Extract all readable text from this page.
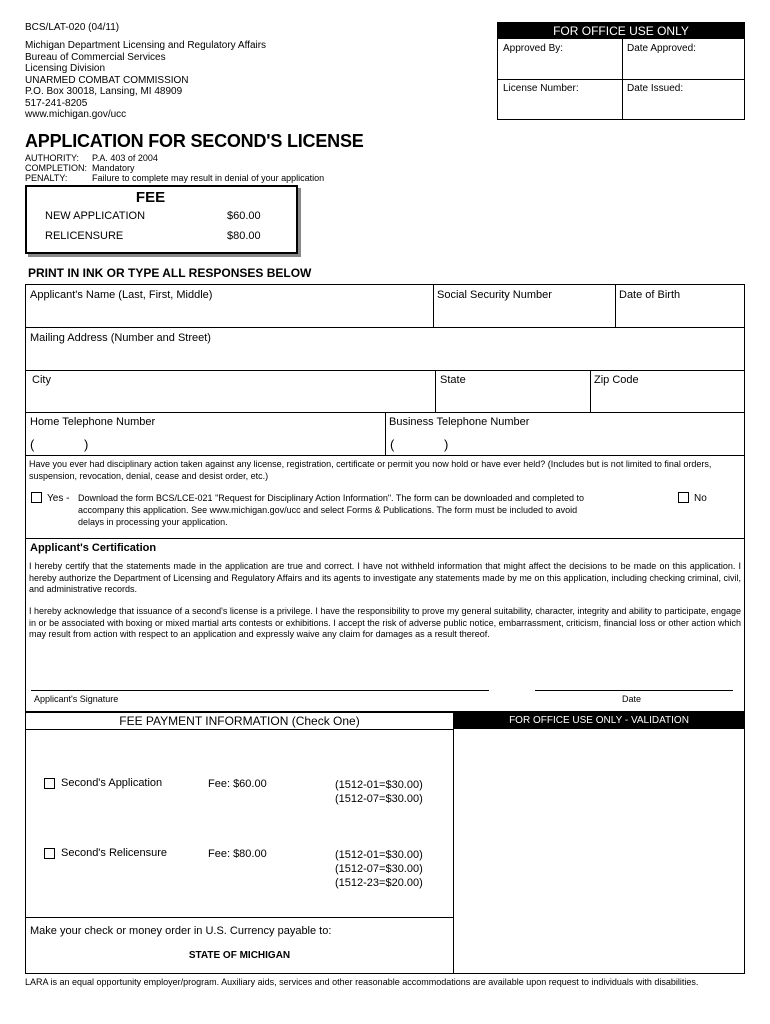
BCS/LAT-020 (04/11)
Michigan Department Licensing and Regulatory Affairs
Bureau of Commercial Services
Licensing Division
UNARMED COMBAT COMMISSION
P.O. Box 30018, Lansing, MI 48909
517-241-8205
www.michigan.gov/ucc
FOR OFFICE USE ONLY
Approved By:	Date Approved:
License Number:	Date Issued:
APPLICATION FOR SECOND'S LICENSE
AUTHORITY:	P.A. 403 of 2004
COMPLETION: Mandatory
PENALTY:	Failure to complete may result in denial of your application
FEE
NEW APPLICATION	$60.00
RELICENSURE	$80.00
PRINT IN INK OR TYPE ALL RESPONSES BELOW
Applicant's Name (Last, First, Middle)	Social Security Number	Date of Birth
Mailing Address (Number and Street)
City	State	Zip Code
Home Telephone Number
(	)
Business Telephone Number
(	)
Have you ever had disciplinary action taken against any license, registration, certificate or permit you now hold or have ever held? (Includes but is not limited to final orders, suspension, revocation, denial, cease and desist order, etc.)
Yes - Download the form BCS/LCE-021 "Request for Disciplinary Action Information". The form can be downloaded and completed to accompany this application. See www.michigan.gov/ucc and select Forms & Publications. The form must be included to avoid delays in processing your application.
No
Applicant's Certification
I hereby certify that the statements made in the application are true and correct. I have not withheld information that might affect the decisions to be made on this application. I hereby authorize the Department of Licensing and Regulatory Affairs and its agents to investigate any statements made by me on this application, including checking criminal, civil, and administrative records.
I hereby acknowledge that issuance of a second's license is a privilege. I have the responsibility to prove my general suitability, character, integrity and ability to participate, engage in or be associated with boxing or mixed martial arts contests or exhibitions. I accept the risk of adverse public notice, embarrassment, criticism, financial loss or other action which may result from action with respect to an application and expressly waive any claim for damages as a result thereof.
Applicant's Signature	Date
FEE PAYMENT INFORMATION (Check One)	FOR OFFICE USE ONLY - VALIDATION
Second's Application	Fee: $60.00	(1512-01=$30.00)
(1512-07=$30.00)
Second's Relicensure	Fee: $80.00	(1512-01=$30.00)
(1512-07=$30.00)
(1512-23=$20.00)
Make your check or money order in U.S. Currency payable to:
STATE OF MICHIGAN
LARA is an equal opportunity employer/program. Auxiliary aids, services and other reasonable accommodations are available upon request to individuals with disabilities.
